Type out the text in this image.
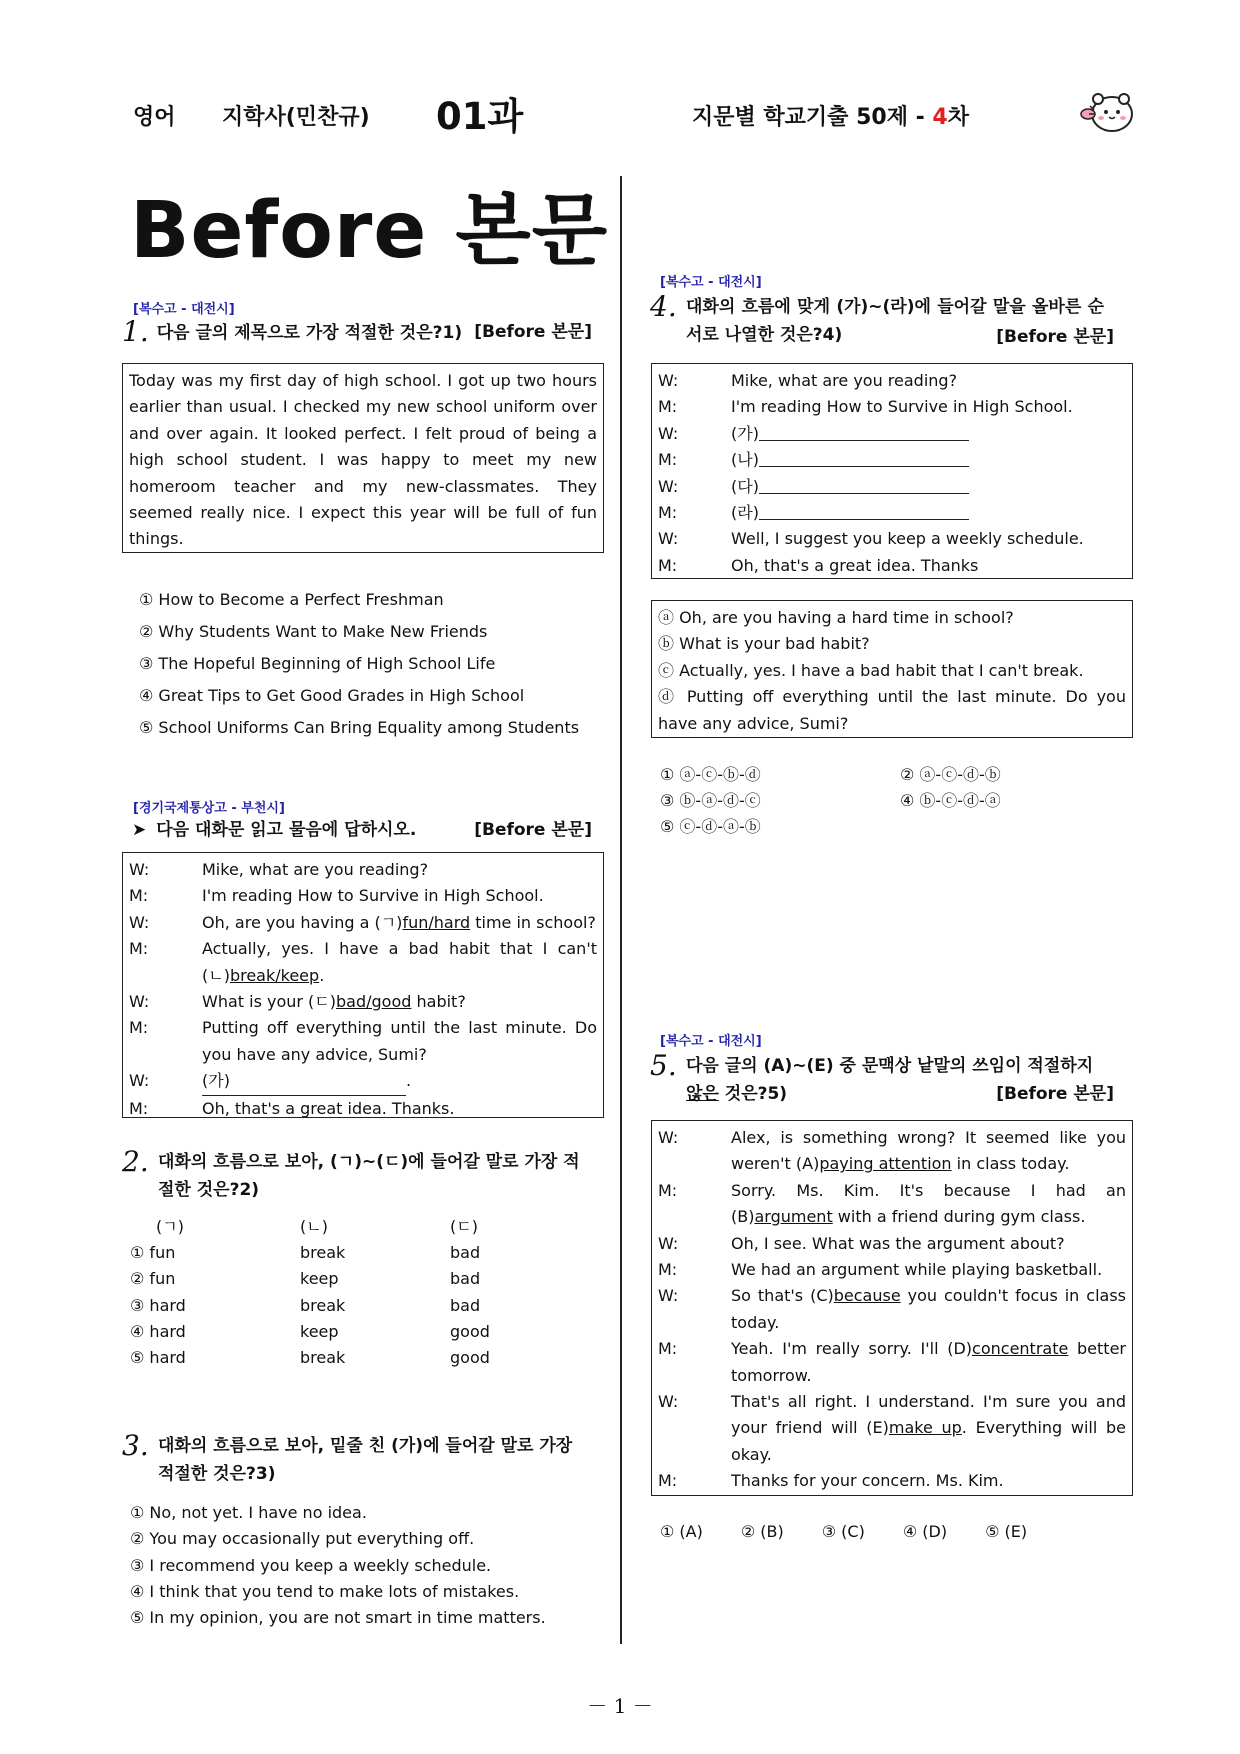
영어 지학사(민찬규) 01과	지문별 학교기출 50제 - 4차
Before 본문
[복수고 - 대전시]
1. 다음 글의 제목으로 가장 적절한 것은?1) [Before 본문]
Today was my first day of high school. I got up two hours earlier than usual. I checked my new school uniform over and over again. It looked perfect. I felt proud of being a high school student. I was happy to meet my new homeroom teacher and my new-classmates. They seemed really nice. I expect this year will be full of fun things.
① How to Become a Perfect Freshman
② Why Students Want to Make New Friends
③ The Hopeful Beginning of High School Life
④ Great Tips to Get Good Grades in High School
⑤ School Uniforms Can Bring Equality among Students
[경기국제통상고 - 부천시]
➤ 다음 대화문 읽고 물음에 답하시오.	[Before 본문]
W:	Mike, what are you reading?
M:	I'm reading How to Survive in High School.
W:	Oh, are you having a (ㄱ)fun/hard time in school?
M:	Actually, yes. I have a bad habit that I can't (ㄴ)break/keep.
W:	What is your (ㄷ)bad/good habit?
M:	Putting off everything until the last minute. Do you have any advice, Sumi?
W:	(가)	.
M:	Oh, that's a great idea. Thanks.
2. 대화의 흐름으로 보아, (ㄱ)~(ㄷ)에 들어갈 말로 가장 적절한 것은?2)
(ㄱ)	(ㄴ)	(ㄷ)
① fun	break	bad
② fun	keep	bad
③ hard	break	bad
④ hard	keep	good
⑤ hard	break	good
3. 대화의 흐름으로 보아, 밑줄 친 (가)에 들어갈 말로 가장 적절한 것은?3)
① No, not yet. I have no idea.
② You may occasionally put everything off.
③ I recommend you keep a weekly schedule.
④ I think that you tend to make lots of mistakes.
⑤ In my opinion, you are not smart in time matters.
[복수고 - 대전시]
4. 대화의 흐름에 맞게 (가)~(라)에 들어갈 말을 올바른 순서로 나열한 것은?4)	[Before 본문]
W:	Mike, what are you reading?
M:	I'm reading How to Survive in High School.
W:	(가)
M:	(나)
W:	(다)
M:	(라)
W:	Well, I suggest you keep a weekly schedule.
M:	Oh, that's a great idea. Thanks
ⓐ Oh, are you having a hard time in school?
ⓑ What is your bad habit?
ⓒ Actually, yes. I have a bad habit that I can't break.
ⓓ Putting off everything until the last minute. Do you have any advice, Sumi?
① ⓐ-ⓒ-ⓑ-ⓓ	② ⓐ-ⓒ-ⓓ-ⓑ
③ ⓑ-ⓐ-ⓓ-ⓒ	④ ⓑ-ⓒ-ⓓ-ⓐ
⑤ ⓒ-ⓓ-ⓐ-ⓑ
[복수고 - 대전시]
5. 다음 글의 (A)~(E) 중 문맥상 낱말의 쓰임이 적절하지 않은 것은?5)	[Before 본문]
W:	Alex, is something wrong? It seemed like you weren't (A)paying attention in class today.
M:	Sorry. Ms. Kim. It's because I had an (B)argument with a friend during gym class.
W:	Oh, I see. What was the argument about?
M:	We had an argument while playing basketball.
W:	So that's (C)because you couldn't focus in class today.
M:	Yeah. I'm really sorry. I'll (D)concentrate better tomorrow.
W:	That's all right. I understand. I'm sure you and your friend will (E)make up. Everything will be okay.
M:	Thanks for your concern. Ms. Kim.
① (A) ② (B) ③ (C) ④ (D) ⑤ (E)
－ 1 －
